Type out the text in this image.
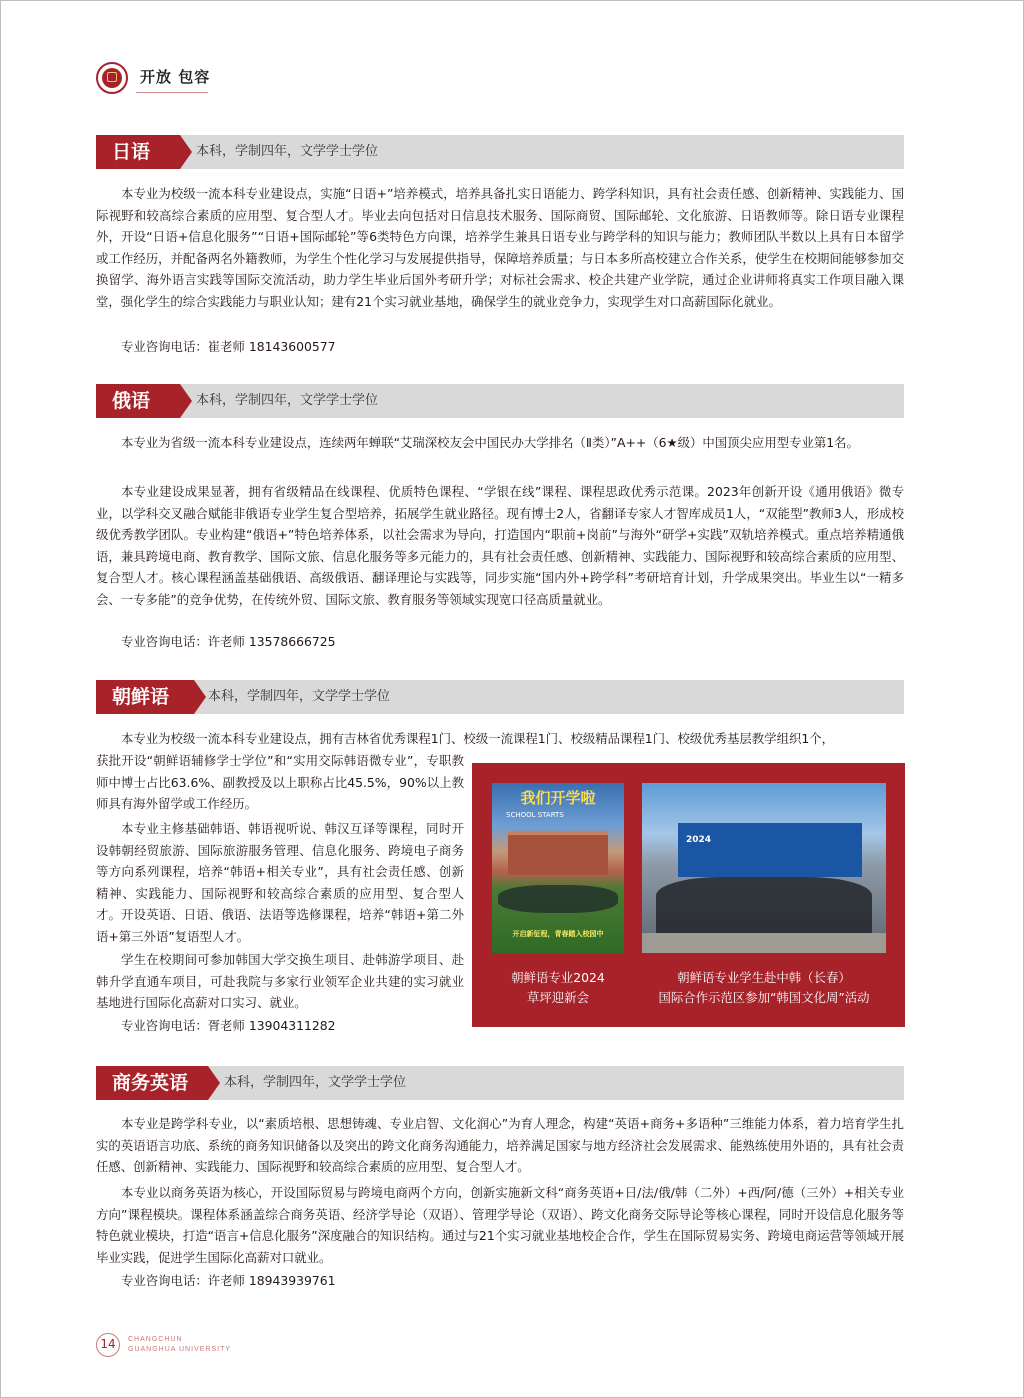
开放 包容
日语	本科，学制四年，文学学士学位

本专业为校级一流本科专业建设点，实施“日语+”培养模式，培养具备扎实日语能力、跨学科知识，具有社会责任感、创新精神、实践能力、国际视野和较高综合素质的应用型、复合型人才。毕业去向包括对日信息技术服务、国际商贸、国际邮轮、文化旅游、日语教师等。除日语专业课程外，开设“日语+信息化服务”“日语+国际邮轮”等6类特色方向课，培养学生兼具日语专业与跨学科的知识与能力；教师团队半数以上具有日本留学或工作经历，并配备两名外籍教师，为学生个性化学习与发展提供指导，保障培养质量；与日本多所高校建立合作关系，使学生在校期间能够参加交换留学、海外语言实践等国际交流活动，助力学生毕业后国外考研升学；对标社会需求、校企共建产业学院，通过企业讲师将真实工作项目融入课堂，强化学生的综合实践能力与职业认知；建有21个实习就业基地，确保学生的就业竞争力，实现学生对口高薪国际化就业。

专业咨询电话：崔老师 18143600577
俄语	本科，学制四年，文学学士学位

本专业为省级一流本科专业建设点，连续两年蝉联“艾瑞深校友会中国民办大学排名（Ⅱ类）”A++（6★级）中国顶尖应用型专业第1名。

本专业建设成果显著，拥有省级精品在线课程、优质特色课程、“学银在线”课程、课程思政优秀示范课。2023年创新开设《通用俄语》微专业，以学科交叉融合赋能非俄语专业学生复合型培养，拓展学生就业路径。现有博士2人，省翻译专家人才智库成员1人，“双能型”教师3人，形成校级优秀教学团队。专业构建“俄语+”特色培养体系，以社会需求为导向，打造国内“职前+岗前”与海外“研学+实践”双轨培养模式。重点培养精通俄语，兼具跨境电商、教育教学、国际文旅、信息化服务等多元能力的，具有社会责任感、创新精神、实践能力、国际视野和较高综合素质的应用型、复合型人才。核心课程涵盖基础俄语、高级俄语、翻译理论与实践等，同步实施“国内外+跨学科”考研培育计划，升学成果突出。毕业生以“一精多会、一专多能”的竞争优势，在传统外贸、国际文旅、教育服务等领域实现宽口径高质量就业。

专业咨询电话：许老师 13578666725
朝鲜语	本科，学制四年，文学学士学位

本专业为校级一流本科专业建设点，拥有吉林省优秀课程1门、校级一流课程1门、校级精品课程1门、校级优秀基层教学组织1个，

获批开设“朝鲜语辅修学士学位”和“实用交际韩语微专业”，专职教师中博士占比63.6%、副教授及以上职称占比45.5%，90%以上教师具有海外留学或工作经历。

本专业主修基础韩语、韩语视听说、韩汉互译等课程，同时开设韩朝经贸旅游、国际旅游服务管理、信息化服务、跨境电子商务等方向系列课程，培养“韩语+相关专业”，具有社会责任感、创新精神、实践能力、国际视野和较高综合素质的应用型、复合型人才。开设英语、日语、俄语、法语等选修课程，培养“韩语+第二外语+第三外语”复语型人才。

学生在校期间可参加韩国大学交换生项目、赴韩游学项目、赴韩升学直通车项目，可赴我院与多家行业领军企业共建的实习就业基地进行国际化高薪对口实习、就业。

专业咨询电话：胥老师 13904311282
我们开学啦
SCHOOL STARTS
开启新征程，青春踏入校园中
2024
朝鲜语专业2024
草坪迎新会
朝鲜语专业学生赴中韩（长春）
国际合作示范区参加“韩国文化周”活动
商务英语	本科，学制四年，文学学士学位

本专业是跨学科专业，以“素质培根、思想铸魂、专业启智、文化润心”为育人理念，构建“英语+商务+多语种”三维能力体系，着力培育学生扎实的英语语言功底、系统的商务知识储备以及突出的跨文化商务沟通能力，培养满足国家与地方经济社会发展需求、能熟练使用外语的，具有社会责任感、创新精神、实践能力、国际视野和较高综合素质的应用型、复合型人才。

本专业以商务英语为核心，开设国际贸易与跨境电商两个方向，创新实施新文科“商务英语+日/法/俄/韩（二外）+西/阿/德（三外）+相关专业方向”课程模块。课程体系涵盖综合商务英语、经济学导论（双语）、管理学导论（双语）、跨文化商务交际导论等核心课程，同时开设信息化服务等特色就业模块，打造“语言+信息化服务”深度融合的知识结构。通过与21个实习就业基地校企合作，学生在国际贸易实务、跨境电商运营等领域开展毕业实践，促进学生国际化高薪对口就业。

专业咨询电话：许老师 18943939761
14	CHANGCHUN
GUANGHUA UNIVERSITY
